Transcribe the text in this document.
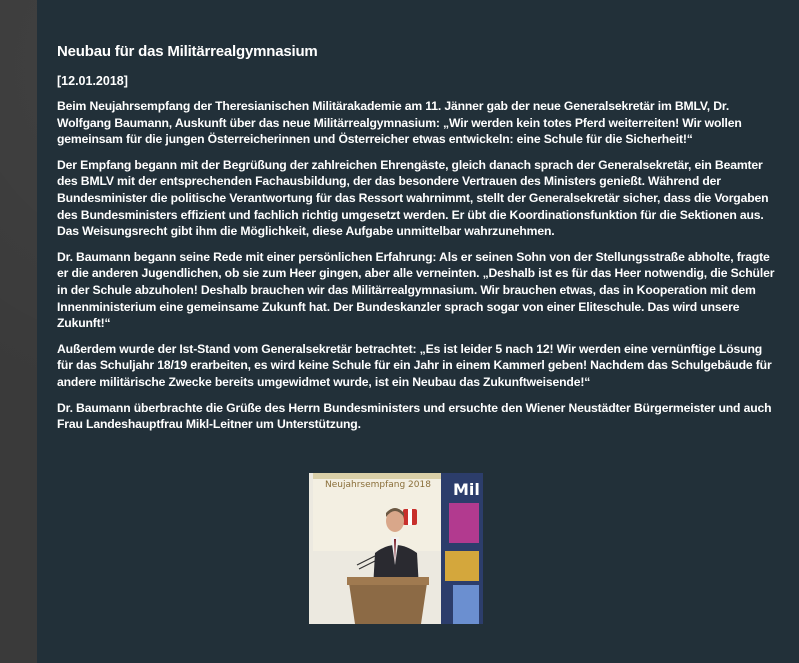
Neubau für das Militärrealgymnasium
[12.01.2018]

Beim Neujahrsempfang der Theresianischen Militärakademie am 11. Jänner gab der neue Generalsekretär im BMLV, Dr. Wolfgang Baumann, Auskunft über das neue Militärrealgymnasium: „Wir werden kein totes Pferd weiterreiten! Wir wollen gemeinsam für die jungen Österreicherinnen und Österreicher etwas entwickeln: eine Schule für die Sicherheit!“

Der Empfang begann mit der Begrüßung der zahlreichen Ehrengäste, gleich danach sprach der Generalsekretär, ein Beamter des BMLV mit der entsprechenden Fachausbildung, der das besondere Vertrauen des Ministers genießt. Während der Bundesminister die politische Verantwortung für das Ressort wahrnimmt, stellt der Generalsekretär sicher, dass die Vorgaben des Bundesministers effizient und fachlich richtig umgesetzt werden. Er übt die Koordinationsfunktion für die Sektionen aus. Das Weisungsrecht gibt ihm die Möglichkeit, diese Aufgabe unmittelbar wahrzunehmen.

Dr. Baumann begann seine Rede mit einer persönlichen Erfahrung: Als er seinen Sohn von der Stellungsstraße abholte, fragte er die anderen Jugendlichen, ob sie zum Heer gingen, aber alle verneinten. „Deshalb ist es für das Heer notwendig, die Schüler in der Schule abzuholen! Deshalb brauchen wir das Militärrealgymnasium. Wir brauchen etwas, das in Kooperation mit dem Innenministerium eine gemeinsame Zukunft hat. Der Bundeskanzler sprach sogar von einer Eliteschule. Das wird unsere Zukunft!“

Außerdem wurde der Ist-Stand vom Generalsekretär betrachtet: „Es ist leider 5 nach 12! Wir werden eine vernünftige Lösung für das Schuljahr 18/19 erarbeiten, es wird keine Schule für ein Jahr in einem Kammerl geben! Nachdem das Schulgebäude für andere militärische Zwecke bereits umgewidmet wurde, ist ein Neubau das Zukunftweisende!“

Dr. Baumann überbrachte die Grüße des Herrn Bundesministers und ersuchte den Wiener Neustädter Bürgermeister und auch Frau Landeshauptfrau Mikl-Leitner um Unterstützung.

Neujahrsempfang 2018 Mil
